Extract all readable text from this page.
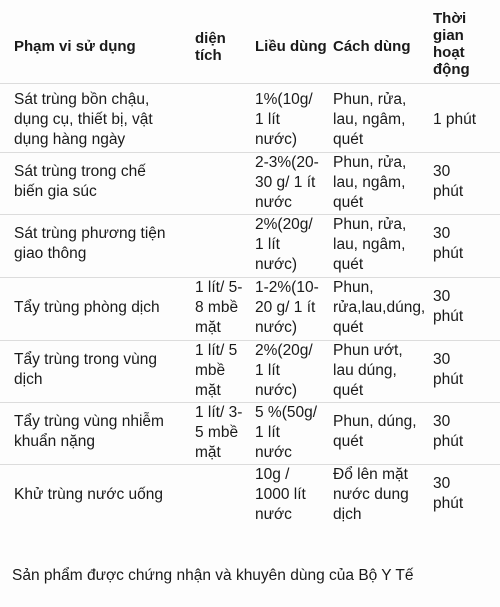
Phạm vi sử dụng	diện
tích
Liều dùng Cách dùng
Thời
gian
hoạt
động
Sát trùng bồn chậu,
dụng cụ, thiết bị, vật
dụng hàng ngày
1%(10g/
1 lít
nước)
Phun, rửa,
lau, ngâm,
quét
1 phút
Sát trùng trong chế
biến gia súc
2-3%(20-
30 g/ 1 ít
nước
Phun, rửa,
lau, ngâm,
quét
30
phút
Sát trùng phương tiện
giao thông
2%(20g/
1 lít
nước)
Phun, rửa,
lau, ngâm,
quét
30
phút
Tẩy trùng phòng dịch
1 lít/ 5-
8 mbề
mặt
1-2%(10-
20 g/ 1 ít
nước)
Phun,
rửa,lau,dúng,
quét
30
phút
Tẩy trùng trong vùng
dịch
1 lít/ 5
mbề
mặt
2%(20g/
1 lít
nước)
Phun ướt,
lau dúng,
quét
30
phút
Tẩy trùng vùng nhiễm
khuẩn nặng
1 lít/ 3-
5 mbề
mặt
5 %(50g/
1 lít
nước
Phun, dúng,
quét
30
phút
Khử trùng nước uống
10g /
1000 lít
nước
Đổ lên mặt
nước dung
dịch
30
phút
Sản phẩm được chứng nhận và khuyên dùng của Bộ Y Tế
